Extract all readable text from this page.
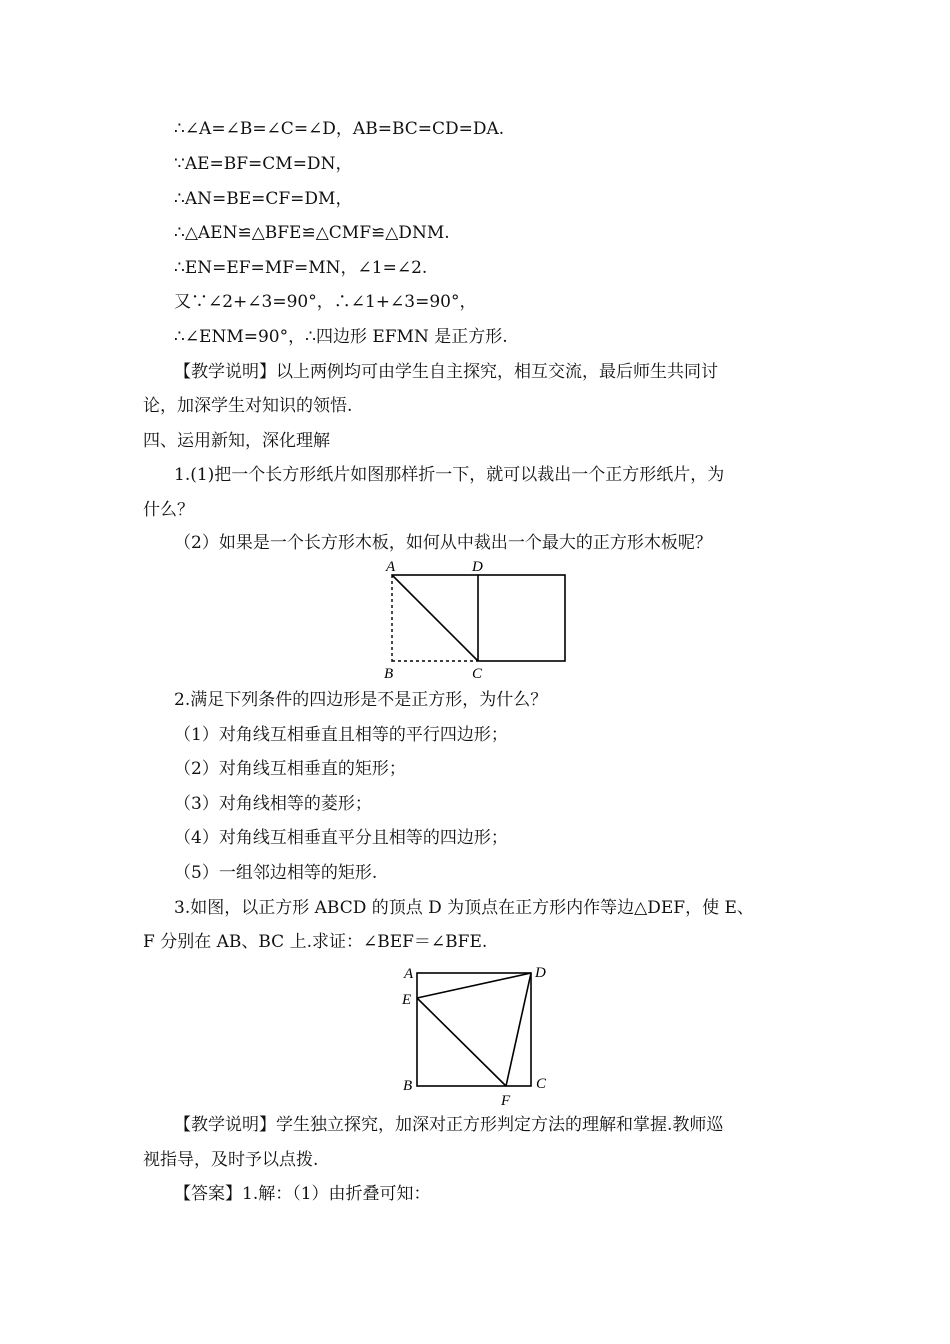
∴∠A=∠B=∠C=∠D，AB=BC=CD=DA.
∵AE=BF=CM=DN，
∴AN=BE=CF=DM，
∴△AEN≌△BFE≌△CMF≌△DNM.
∴EN=EF=MF=MN，∠1=∠2.
又∵∠2+∠3=90°，∴∠1+∠3=90°，
∴∠ENM=90°，∴四边形 EFMN 是正方形.
【教学说明】以上两例均可由学生自主探究，相互交流，最后师生共同讨
论，加深学生对知识的领悟.
四、运用新知，深化理解
1.(1)把一个长方形纸片如图那样折一下，就可以裁出一个正方形纸片，为
什么？
（2）如果是一个长方形木板，如何从中裁出一个最大的正方形木板呢？
A	D
B	C
2.满足下列条件的四边形是不是正方形，为什么？
（1）对角线互相垂直且相等的平行四边形；
（2）对角线互相垂直的矩形；
（3）对角线相等的菱形；
（4）对角线互相垂直平分且相等的四边形；
（5）一组邻边相等的矩形.
3.如图，以正方形 ABCD 的顶点 D 为顶点在正方形内作等边△DEF，使 E、
F 分别在 AB、BC 上.求证：∠BEF＝∠BFE.
A	D
E
B	C
F
【教学说明】学生独立探究，加深对正方形判定方法的理解和掌握.教师巡
视指导，及时予以点拨.
【答案】1.解：（1）由折叠可知：
